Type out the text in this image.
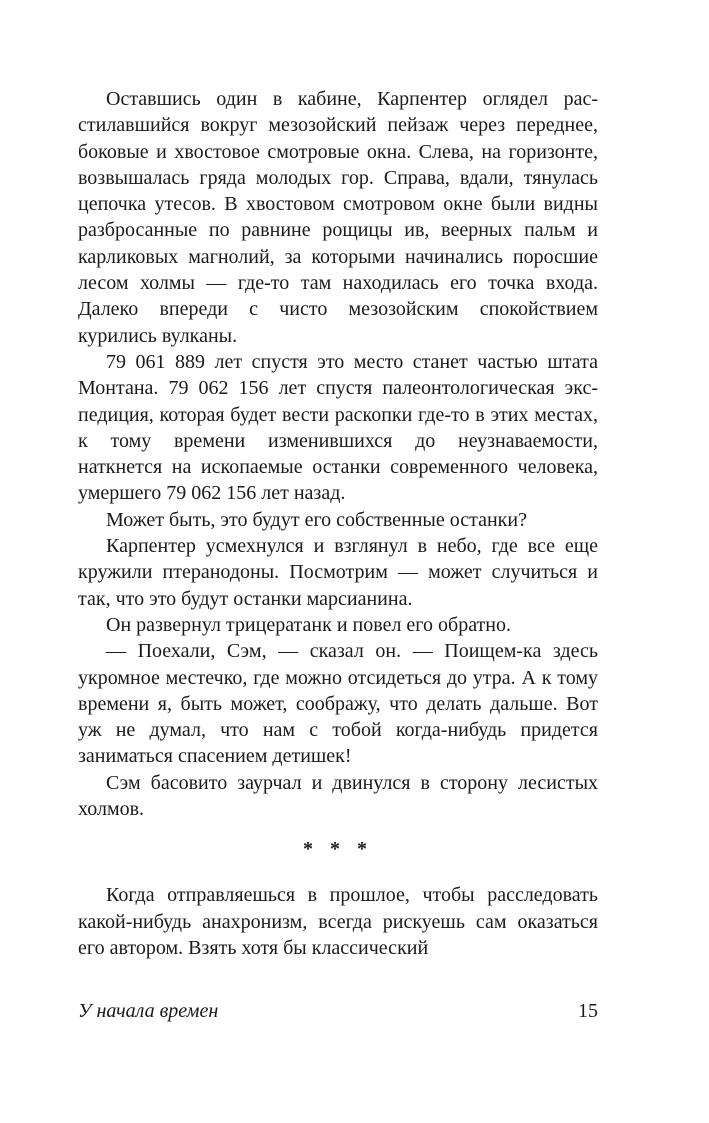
Оставшись один в кабине, Карпентер оглядел расстилавшийся вокруг мезозойский пейзаж через переднее, боковые и хвостовое смотровые окна. Слева, на горизонте, возвышалась гряда молодых гор. Справа, вдали, тянулась цепочка утесов. В хвостовом смотровом окне были видны разбросанные по равнине рощицы ив, веерных пальм и карликовых магнолий, за которыми начинались поросшие лесом холмы — где-то там находилась его точка входа. Далеко впереди с чисто мезозойским спокойствием курились вулканы.

79 061 889 лет спустя это место станет частью штата Монтана. 79 062 156 лет спустя палеонтологическая экспедиция, которая будет вести раскопки где-то в этих местах, к тому времени изменившихся до неузнаваемости, наткнется на ископаемые останки современного человека, умершего 79 062 156 лет назад.

Может быть, это будут его собственные останки?

Карпентер усмехнулся и взглянул в небо, где все еще кружили птеранодоны. Посмотрим — может случиться и так, что это будут останки марсианина.

Он развернул трицератанк и повел его обратно.

— Поехали, Сэм, — сказал он. — Поищем-ка здесь укромное местечко, где можно отсидеться до утра. А к тому времени я, быть может, соображу, что делать дальше. Вот уж не думал, что нам с тобой когда-нибудь придется заниматься спасением детишек!

Сэм басовито заурчал и двинулся в сторону лесистых холмов.

* * *

Когда отправляешься в прошлое, чтобы расследовать какой-нибудь анахронизм, всегда рискуешь сам оказаться его автором. Взять хотя бы классический

У начала времен	15
